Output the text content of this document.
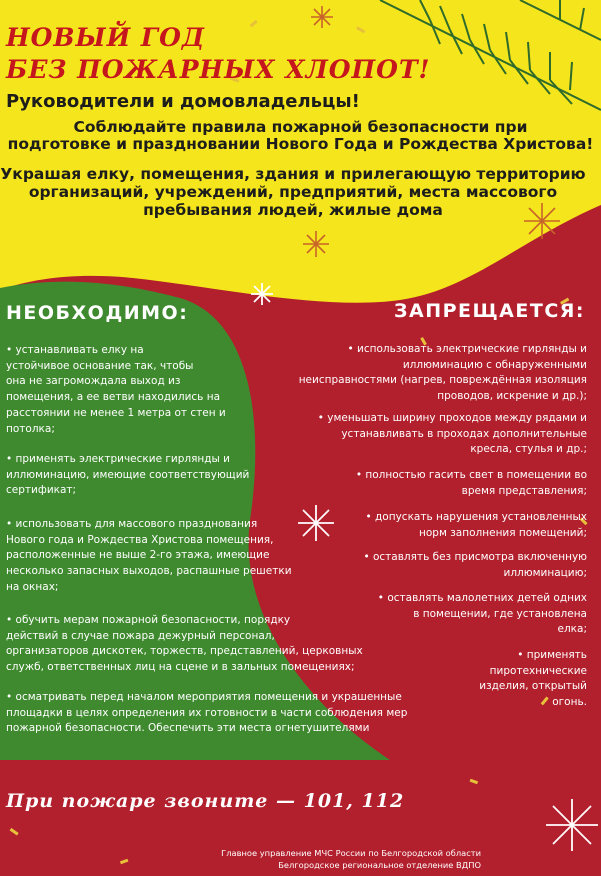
НОВЫЙ ГОД
БЕЗ ПОЖАРНЫХ ХЛОПОТ!
Руководители и домовладельцы!
Соблюдайте правила пожарной безопасности при
подготовке и праздновании Нового Года и Рождества Христова!
Украшая елку, помещения, здания и прилегающую территорию
организаций, учреждений, предприятий, места массового
пребывания людей, жилые дома
НЕОБХОДИМО:	ЗАПРЕЩАЕТСЯ:

• устанавливать елку на

устойчивое основание так, чтобы

она не загромождала выход из

помещения, а ее ветви находились на

расстоянии не менее 1 метра от стен и

потолка;

• применять электрические гирлянды и

иллюминацию, имеющие соответствующий

сертификат;

• использовать для массового празднования

Нового года и Рождества Христова помещения,

расположенные не выше 2-го этажа, имеющие

несколько запасных выходов, распашные решетки

на окнах;

• обучить мерам пожарной безопасности, порядку

действий в случае пожара дежурный персонал,

организаторов дискотек, торжеств, представлений, церковных

служб, ответственных лиц на сцене и в зальных помещениях;

• осматривать перед началом мероприятия помещения и украшенные

площадки в целях определения их готовности в части соблюдения мер

пожарной безопасности. Обеспечить эти места огнетушителями

• использовать электрические гирлянды и

иллюминацию с обнаруженными

неисправностями (нагрев, повреждённая изоляция

проводов, искрение и др.);

• уменьшать ширину проходов между рядами и

устанавливать в проходах дополнительные

кресла, стулья и др.;

• полностью гасить свет в помещении во

время представления;

• допускать нарушения установленных

норм заполнения помещений;

• оставлять без присмотра включенную

иллюминацию;

• оставлять малолетних детей одних

в помещении, где установлена

елка;

• применять

пиротехнические

изделия, открытый

огонь.

При пожаре звоните — 101, 112
Главное управление МЧС России по Белгородской области
Белгородское региональное отделение ВДПО
